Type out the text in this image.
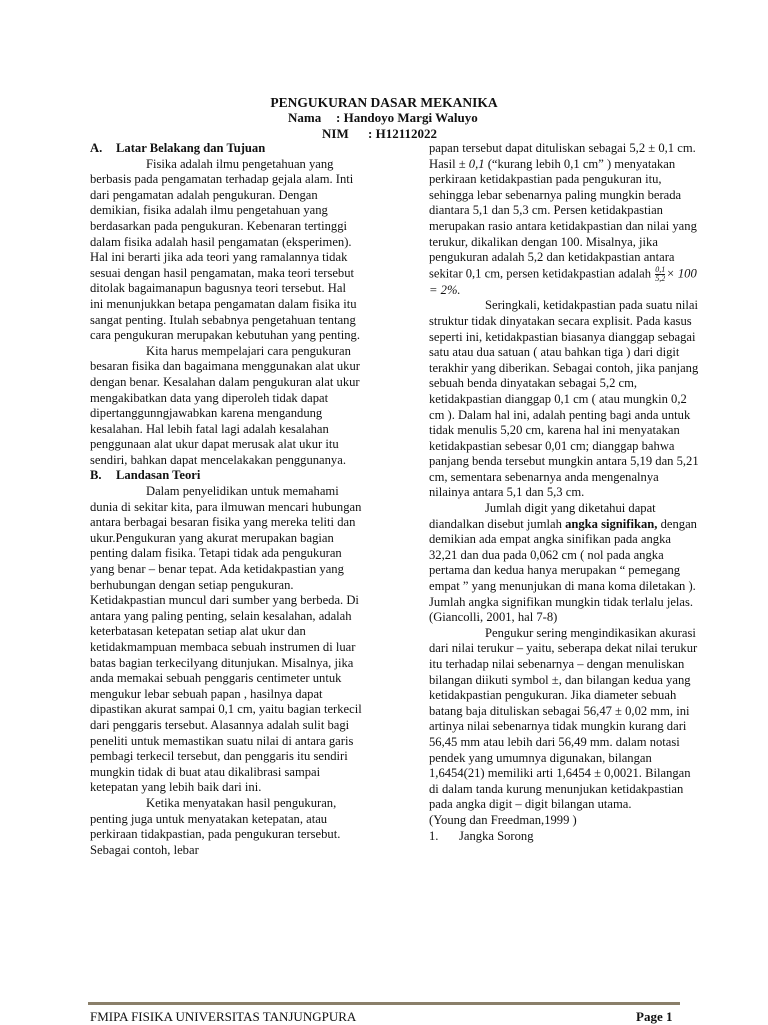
PENGUKURAN DASAR MEKANIKA
Nama : Handoyo Margi Waluyo
NIM : H12112022
A. Latar Belakang dan Tujuan

Fisika adalah ilmu pengetahuan yang berbasis pada pengamatan terhadap gejala alam. Inti dari pengamatan adalah pengukuran. Dengan demikian, fisika adalah ilmu pengetahuan yang berdasarkan pada pengukuran. Kebenaran tertinggi dalam fisika adalah hasil pengamatan (eksperimen). Hal ini berarti jika ada teori yang ramalannya tidak sesuai dengan hasil pengamatan, maka teori tersebut ditolak bagaimanapun bagusnya teori tersebut. Hal ini menunjukkan betapa pengamatan dalam fisika itu sangat penting. Itulah sebabnya pengetahuan tentang cara pengukuran merupakan kebutuhan yang penting.

Kita harus mempelajari cara pengukuran besaran fisika dan bagaimana menggunakan alat ukur dengan benar. Kesalahan dalam pengukuran alat ukur mengakibatkan data yang diperoleh tidak dapat dipertanggunngjawabkan karena mengandung kesalahan. Hal lebih fatal lagi adalah kesalahan penggunaan alat ukur dapat merusak alat ukur itu sendiri, bahkan dapat mencelakakan penggunanya.

B. Landasan Teori

Dalam penyelidikan untuk memahami dunia di sekitar kita, para ilmuwan mencari hubungan antara berbagai besaran fisika yang mereka teliti dan ukur.Pengukuran yang akurat merupakan bagian penting dalam fisika. Tetapi tidak ada pengukuran yang benar – benar tepat. Ada ketidakpastian yang berhubungan dengan setiap pengukuran. Ketidakpastian muncul dari sumber yang berbeda. Di antara yang paling penting, selain kesalahan, adalah keterbatasan ketepatan setiap alat ukur dan ketidakmampuan membaca sebuah instrumen di luar batas bagian terkecilyang ditunjukan. Misalnya, jika anda memakai sebuah penggaris centimeter untuk mengukur lebar sebuah papan , hasilnya dapat dipastikan akurat sampai 0,1 cm, yaitu bagian terkecil dari penggaris tersebut. Alasannya adalah sulit bagi peneliti untuk memastikan suatu nilai di antara garis pembagi terkecil tersebut, dan penggaris itu sendiri mungkin tidak di buat atau dikalibrasi sampai ketepatan yang lebih baik dari ini.

Ketika menyatakan hasil pengukuran, penting juga untuk menyatakan ketepatan, atau perkiraan tidakpastian, pada pengukuran tersebut. Sebagai contoh, lebar

papan tersebut dapat dituliskan sebagai 5,2 ± 0,1 cm. Hasil ± 0,1 (“kurang lebih 0,1 cm” ) menyatakan perkiraan ketidakpastian pada pengukuran itu, sehingga lebar sebenarnya paling mungkin berada diantara 5,1 dan 5,3 cm. Persen ketidakpastian merupakan rasio antara ketidakpastian dan nilai yang terukur, dikalikan dengan 100. Misalnya, jika pengukuran adalah 5,2 dan ketidakpastian antara sekitar 0,1 cm, persen ketidakpastian adalah $\frac{0,1}{5,2} \times 100 = 2\%$.

Seringkali, ketidakpastian pada suatu nilai struktur tidak dinyatakan secara explisit. Pada kasus seperti ini, ketidakpastian biasanya dianggap sebagai satu atau dua satuan ( atau bahkan tiga ) dari digit terakhir yang diberikan. Sebagai contoh, jika panjang sebuah benda dinyatakan sebagai 5,2 cm, ketidakpastian dianggap 0,1 cm ( atau mungkin 0,2 cm ). Dalam hal ini, adalah penting bagi anda untuk tidak menulis 5,20 cm, karena hal ini menyatakan ketidakpastian sebesar 0,01 cm; dianggap bahwa panjang benda tersebut mungkin antara 5,19 dan 5,21 cm, sementara sebenarnya anda mengenalnya nilainya antara 5,1 dan 5,3 cm.

Jumlah digit yang diketahui dapat diandalkan disebut jumlah angka signifikan, dengan demikian ada empat angka sinifikan pada angka 32,21 dan dua pada 0,062 cm ( nol pada angka pertama dan kedua hanya merupakan “ pemegang empat ” yang menunjukan di mana koma diletakan ). Jumlah angka signifikan mungkin tidak terlalu jelas.

(Giancolli, 2001, hal 7-8)

Pengukur sering mengindikasikan akurasi dari nilai terukur – yaitu, seberapa dekat nilai terukur itu terhadap nilai sebenarnya – dengan menuliskan bilangan diikuti symbol ±, dan bilangan kedua yang ketidakpastian pengukuran. Jika diameter sebuah batang baja dituliskan sebagai 56,47 ± 0,02 mm, ini artinya nilai sebenarnya tidak mungkin kurang dari 56,45 mm atau lebih dari 56,49 mm. dalam notasi pendek yang umumnya digunakan, bilangan 1,6454(21) memiliki arti 1,6454 ± 0,0021. Bilangan di dalam tanda kurung menunjukan ketidakpastian pada angka digit – digit bilangan utama.

(Young dan Freedman,1999 )

1. Jangka Sorong
FMIPA FISIKA UNIVERSITAS TANJUNGPURA	Page 1
